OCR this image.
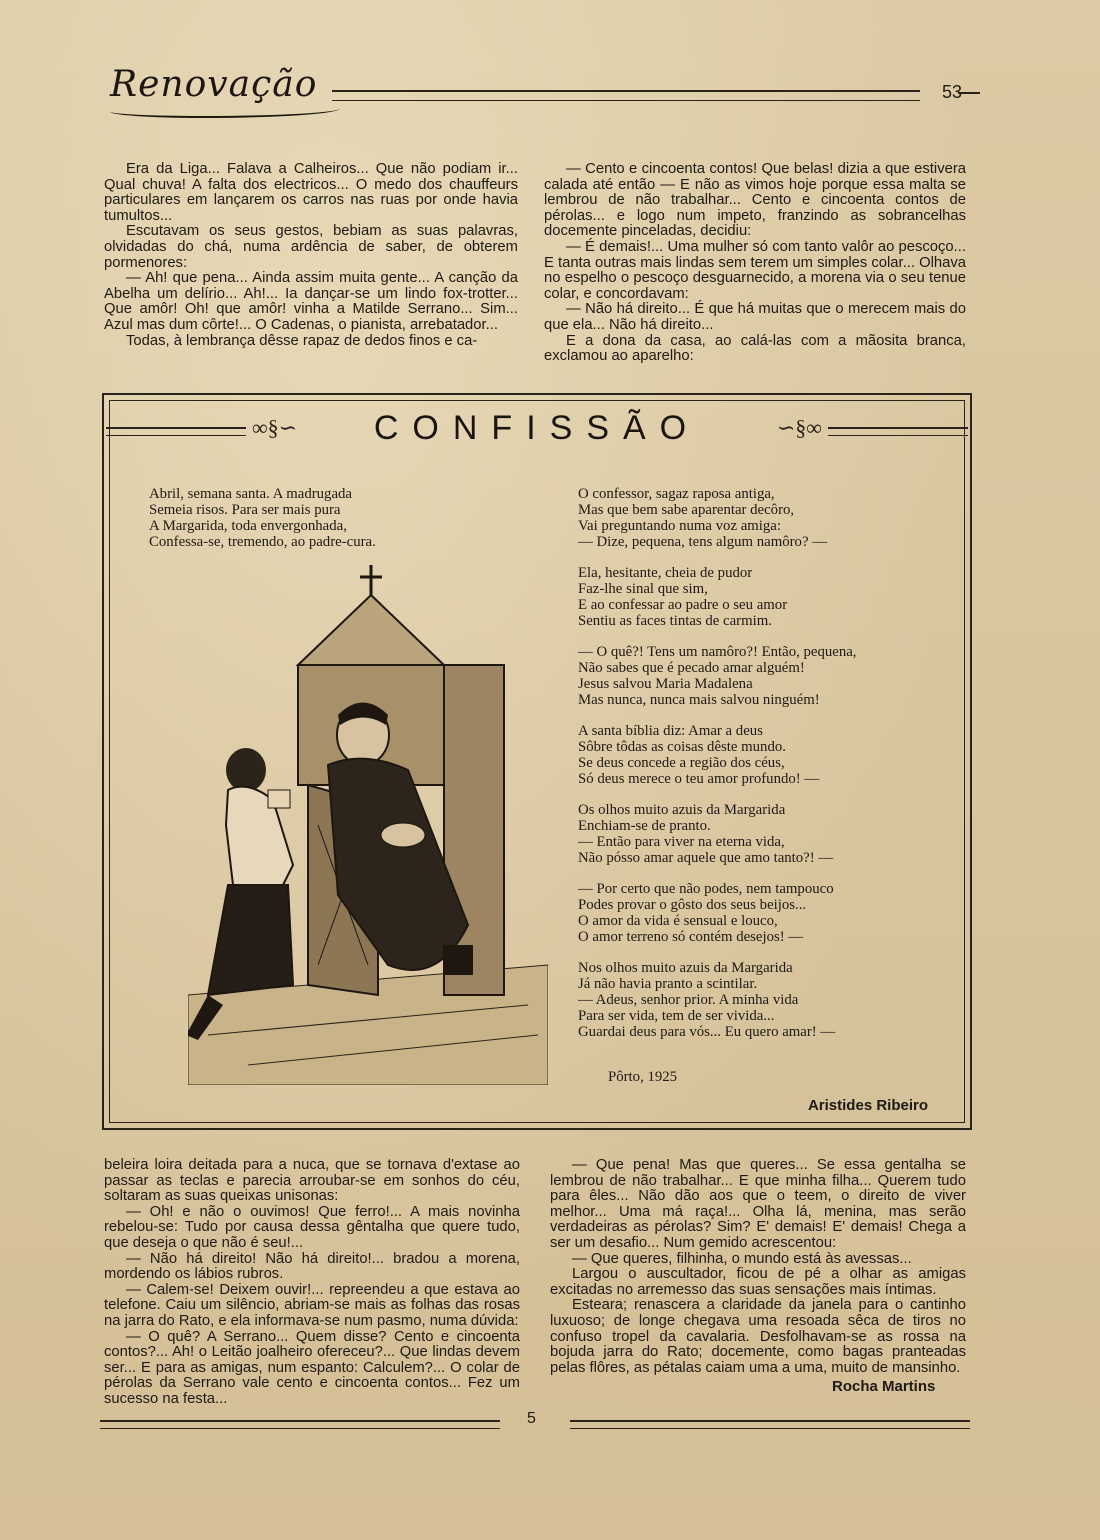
Renovação	53

Era da Liga... Falava a Calheiros... Que não podiam ir... Qual chuva! A falta dos electricos... O medo dos chauffeurs particulares em lançarem os carros nas ruas por onde havia tumultos...

Escutavam os seus gestos, bebiam as suas palavras, olvidadas do chá, numa ardência de saber, de obterem pormenores:

— Ah! que pena... Ainda assim muita gente... A canção da Abelha um delírio... Ah!... Ia dançar-se um lindo fox-trotter... Que amôr! Oh! que amôr! vinha a Matilde Serrano... Sim... Azul mas dum côrte!... O Cadenas, o pianista, arrebatador...

Todas, à lembrança dêsse rapaz de dedos finos e ca-

— Cento e cincoenta contos! Que belas! dizia a que estivera calada até então — E não as vimos hoje porque essa malta se lembrou de não trabalhar... Cento e cincoenta contos de pérolas... e logo num impeto, franzindo as sobrancelhas docemente pinceladas, decidiu:

— É demais!... Uma mulher só com tanto valôr ao pescoço... E tanta outras mais lindas sem terem um simples colar... Olhava no espelho o pescoço desguarnecido, a morena via o seu tenue colar, e concordavam:

— Não há direito... É que há muitas que o merecem mais do que ela... Não há direito...

E a dona da casa, ao calá-las com a mãosita branca, exclamou ao aparelho:

∞§∽	CONFISSÃO	∽§∞
Abril, semana santa. A madrugada
Semeia risos. Para ser mais pura
A Margarida, toda envergonhada,
Confessa-se, tremendo, ao padre-cura.
O confessor, sagaz raposa antiga,
Mas que bem sabe aparentar decôro,
Vai preguntando numa voz amiga:
— Dize, pequena, tens algum namôro? —
Ela, hesitante, cheia de pudor
Faz-lhe sinal que sim,
E ao confessar ao padre o seu amor
Sentiu as faces tintas de carmim.
— O quê?! Tens um namôro?! Então, pequena,
Não sabes que é pecado amar alguém!
Jesus salvou Maria Madalena
Mas nunca, nunca mais salvou ninguém!
A santa bíblia diz: Amar a deus
Sôbre tôdas as coisas dêste mundo.
Se deus concede a região dos céus,
Só deus merece o teu amor profundo! —
Os olhos muito azuis da Margarida
Enchiam-se de pranto.
— Então para viver na eterna vida,
Não pósso amar aquele que amo tanto?! —
— Por certo que não podes, nem tampouco
Podes provar o gôsto dos seus beijos...
O amor da vida é sensual e louco,
O amor terreno só contém desejos! —
Nos olhos muito azuis da Margarida
Já não havia pranto a scintilar.
— Adeus, senhor prior. A minha vida
Para ser vida, tem de ser vivida...
Guardai deus para vós... Eu quero amar! —
Pôrto, 1925
Aristides Ribeiro

beleira loira deitada para a nuca, que se tornava d'extase ao passar as teclas e parecia arroubar-se em sonhos do céu, soltaram as suas queixas unisonas:

— Oh! e não o ouvimos! Que ferro!... A mais novinha rebelou-se: Tudo por causa dessa gêntalha que quere tudo, que deseja o que não é seu!...

— Não há direito! Não há direito!... bradou a morena, mordendo os lábios rubros.

— Calem-se! Deixem ouvir!... repreendeu a que estava ao telefone. Caiu um silêncio, abriam-se mais as folhas das rosas na jarra do Rato, e ela informava-se num pasmo, numa dúvida:

— O quê? A Serrano... Quem disse? Cento e cincoenta contos?... Ah! o Leitão joalheiro ofereceu?... Que lindas devem ser... E para as amigas, num espanto: Calculem?... O colar de pérolas da Serrano vale cento e cincoenta contos... Fez um sucesso na festa...

— Que pena! Mas que queres... Se essa gentalha se lembrou de não trabalhar... E que minha filha... Querem tudo para êles... Não dão aos que o teem, o direito de viver melhor... Uma má raça!... Olha lá, menina, mas serão verdadeiras as pérolas? Sim? E' demais! E' demais! Chega a ser um desafio... Num gemido acrescentou:

— Que queres, filhinha, o mundo está às avessas...

Largou o auscultador, ficou de pé a olhar as amigas excitadas no arremesso das suas sensações mais íntimas.

Esteara; renascera a claridade da janela para o cantinho luxuoso; de longe chegava uma resoada sêca de tiros no confuso tropel da cavalaria. Desfolhavam-se as rossa na bojuda jarra do Rato; docemente, como bagas pranteadas pelas flôres, as pétalas caiam uma a uma, muito de mansinho.

Rocha Martins
5
